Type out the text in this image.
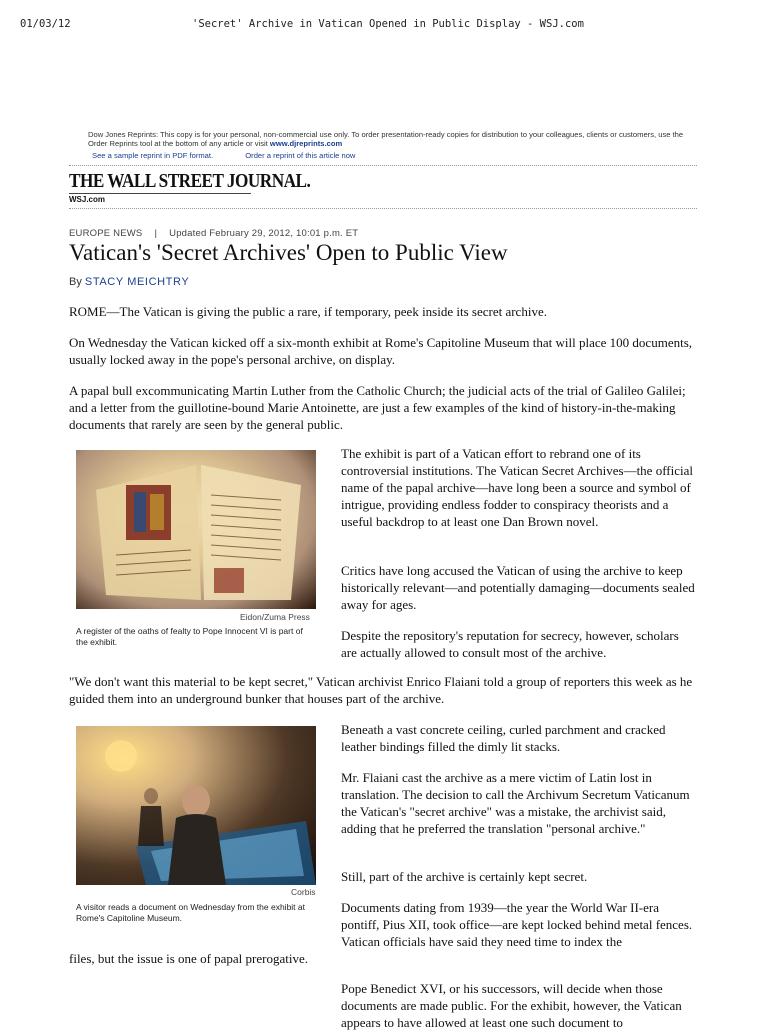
01/03/12	'Secret' Archive in Vatican Opened in Public Display - WSJ.com
Dow Jones Reprints: This copy is for your personal, non-commercial use only. To order presentation-ready copies for distribution to your colleagues, clients or customers, use the Order Reprints tool at the bottom of any article or visit www.djreprints.com
See a sample reprint in PDF format.	Order a reprint of this article now
THE WALL STREET JOURNAL.
WSJ.com
EUROPE NEWS | Updated February 29, 2012, 10:01 p.m. ET
Vatican's 'Secret Archives' Open to Public View
By STACY MEICHTRY

ROME—The Vatican is giving the public a rare, if temporary, peek inside its secret archive.

On Wednesday the Vatican kicked off a six-month exhibit at Rome's Capitoline Museum that will place 100 documents, usually locked away in the pope's personal archive, on display.

A papal bull excommunicating Martin Luther from the Catholic Church; the judicial acts of the trial of Galileo Galilei; and a letter from the guillotine-bound Marie Antoinette, are just a few examples of the kind of history-in-the-making documents that rarely are seen by the general public.

Eidon/Zuma Press
A register of the oaths of fealty to Pope Innocent VI is part of the exhibit.

The exhibit is part of a Vatican effort to rebrand one of its controversial institutions. The Vatican Secret Archives—the official name of the papal archive—have long been a source and symbol of intrigue, providing endless fodder to conspiracy theorists and a useful backdrop to at least one Dan Brown novel.

Critics have long accused the Vatican of using the archive to keep historically relevant—and potentially damaging—documents sealed away for ages.

Despite the repository's reputation for secrecy, however, scholars are actually allowed to consult most of the archive.

"We don't want this material to be kept secret," Vatican archivist Enrico Flaiani told a group of reporters this week as he guided them into an underground bunker that houses part of the archive.

Corbis
A visitor reads a document on Wednesday from the exhibit at Rome's Capitoline Museum.

Beneath a vast concrete ceiling, curled parchment and cracked leather bindings filled the dimly lit stacks.

Mr. Flaiani cast the archive as a mere victim of Latin lost in translation. The decision to call the Archivum Secretum Vaticanum the Vatican's "secret archive" was a mistake, the archivist said, adding that he preferred the translation "personal archive."

Still, part of the archive is certainly kept secret.

Documents dating from 1939—the year the World War II-era pontiff, Pius XII, took office—are kept locked behind metal fences. Vatican officials have said they need time to index the

files, but the issue is one of papal prerogative.

Pope Benedict XVI, or his successors, will decide when those documents are made public. For the exhibit, however, the Vatican appears to have allowed at least one such document to
